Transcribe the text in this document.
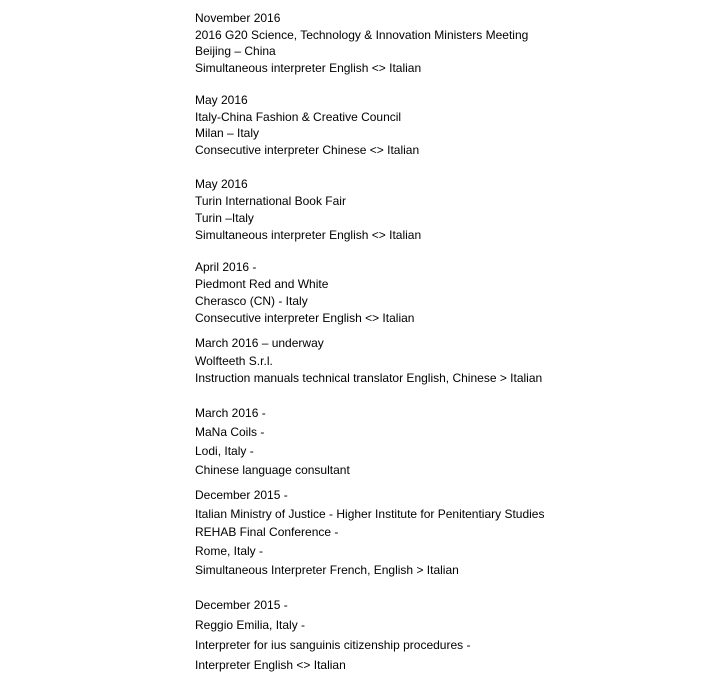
November 2016
2016 G20 Science, Technology & Innovation Ministers Meeting
Beijing – China
Simultaneous interpreter English <> Italian
May 2016
Italy-China Fashion & Creative Council
Milan – Italy
Consecutive interpreter Chinese <> Italian
May 2016
Turin International Book Fair
Turin –Italy
Simultaneous interpreter English <> Italian
April 2016 -
Piedmont Red and White
Cherasco (CN) - Italy
Consecutive interpreter English <> Italian
March 2016 – underway
Wolfteeth S.r.l.
Instruction manuals technical translator English, Chinese > Italian
March 2016 -
MaNa Coils -
Lodi, Italy -
Chinese language consultant
December 2015 -
Italian Ministry of Justice - Higher Institute for Penitentiary Studies
REHAB Final Conference -
Rome, Italy -
Simultaneous Interpreter French, English > Italian
December 2015 -
Reggio Emilia, Italy -
Interpreter for ius sanguinis citizenship procedures -
Interpreter English <> Italian
